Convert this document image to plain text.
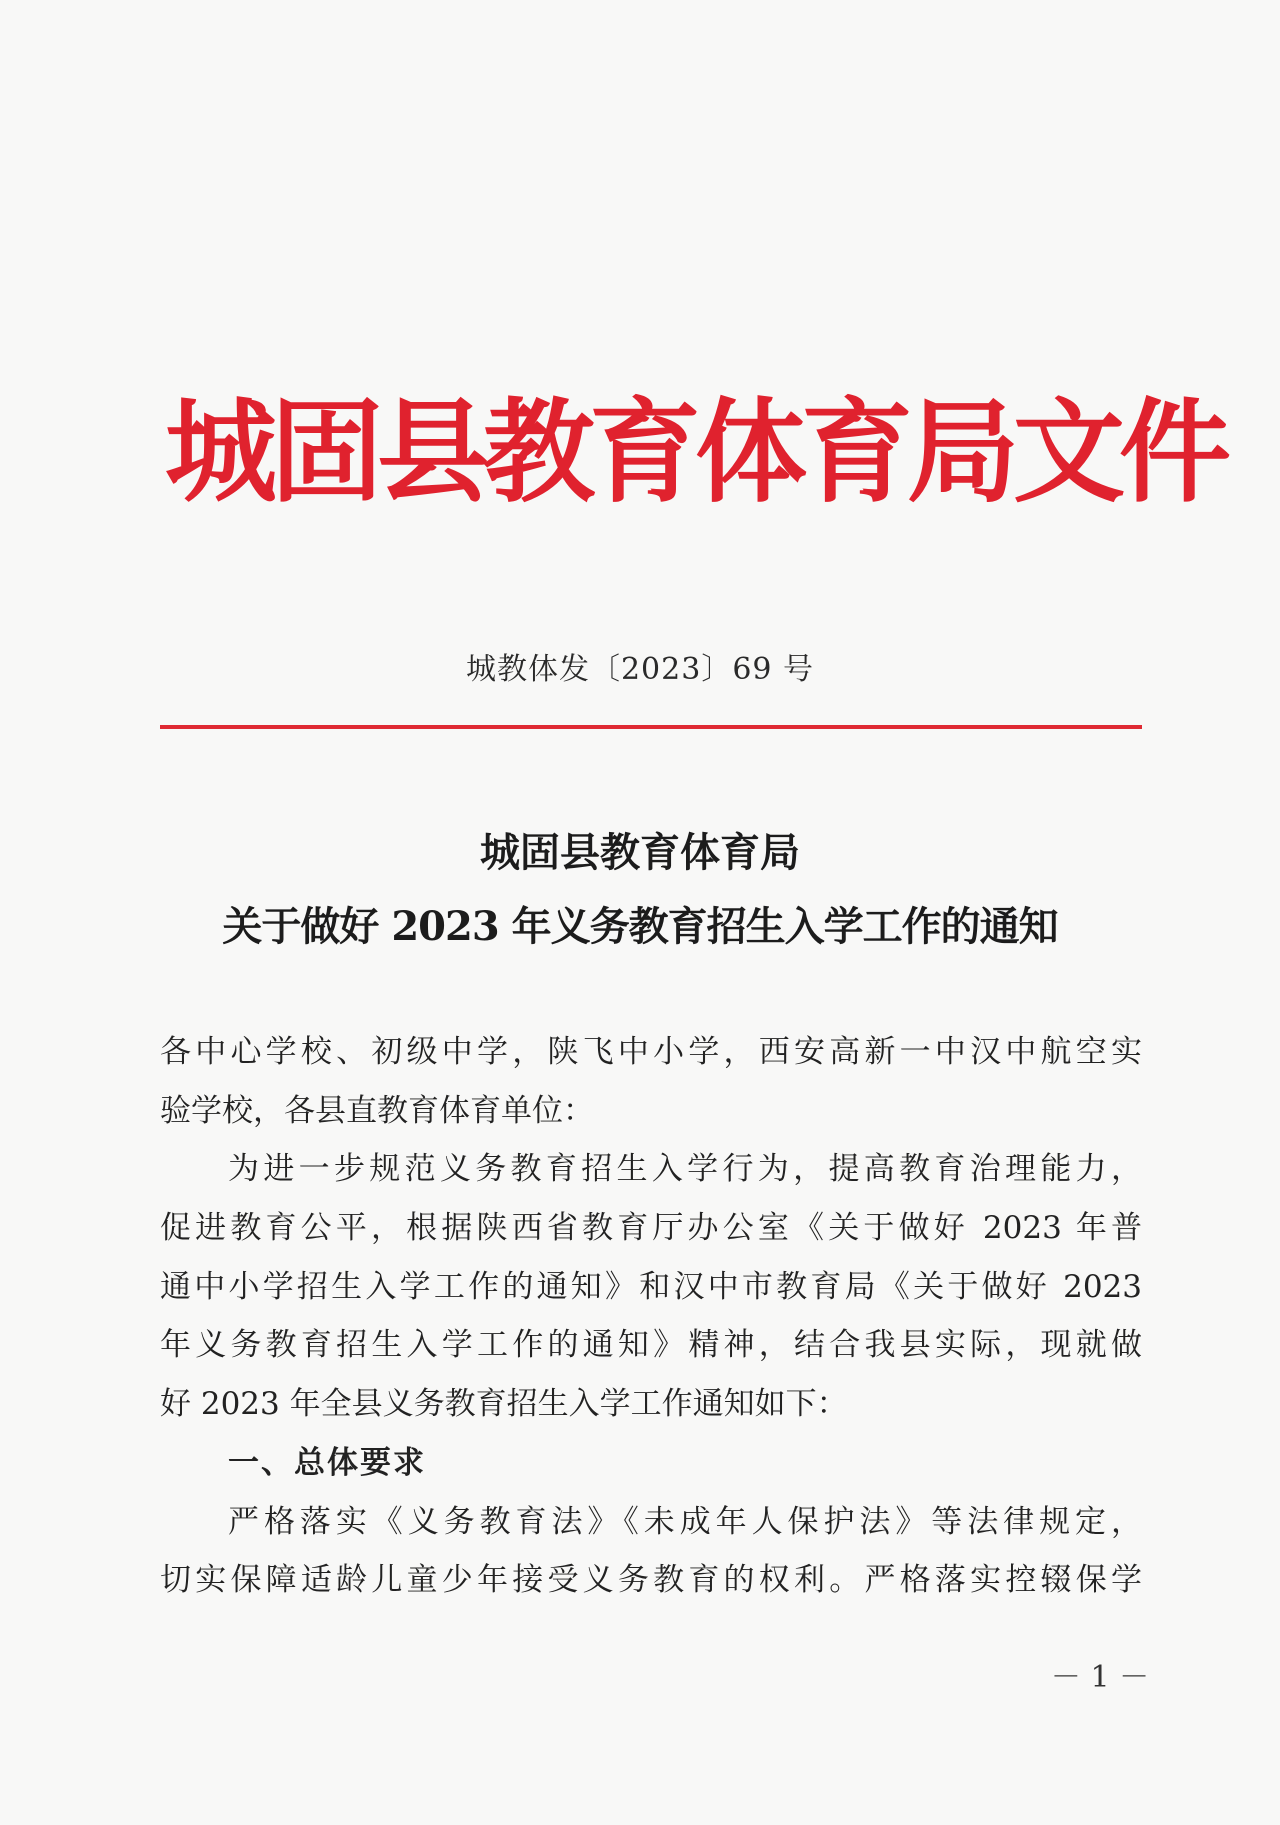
城固县教育体育局文件
城教体发〔2023〕69 号
城固县教育体育局
关于做好 2023 年义务教育招生入学工作的通知
各中心学校、初级中学，陕飞中小学，西安高新一中汉中航空实
验学校，各县直教育体育单位：
为进一步规范义务教育招生入学行为，提高教育治理能力，
促进教育公平，根据陕西省教育厅办公室《关于做好 2023 年普
通中小学招生入学工作的通知》和汉中市教育局《关于做好 2023
年义务教育招生入学工作的通知》精神，结合我县实际，现就做
好 2023 年全县义务教育招生入学工作通知如下：
一、总体要求
严格落实《义务教育法》《未成年人保护法》等法律规定，
切实保障适龄儿童少年接受义务教育的权利。严格落实控辍保学
－ 1 －
